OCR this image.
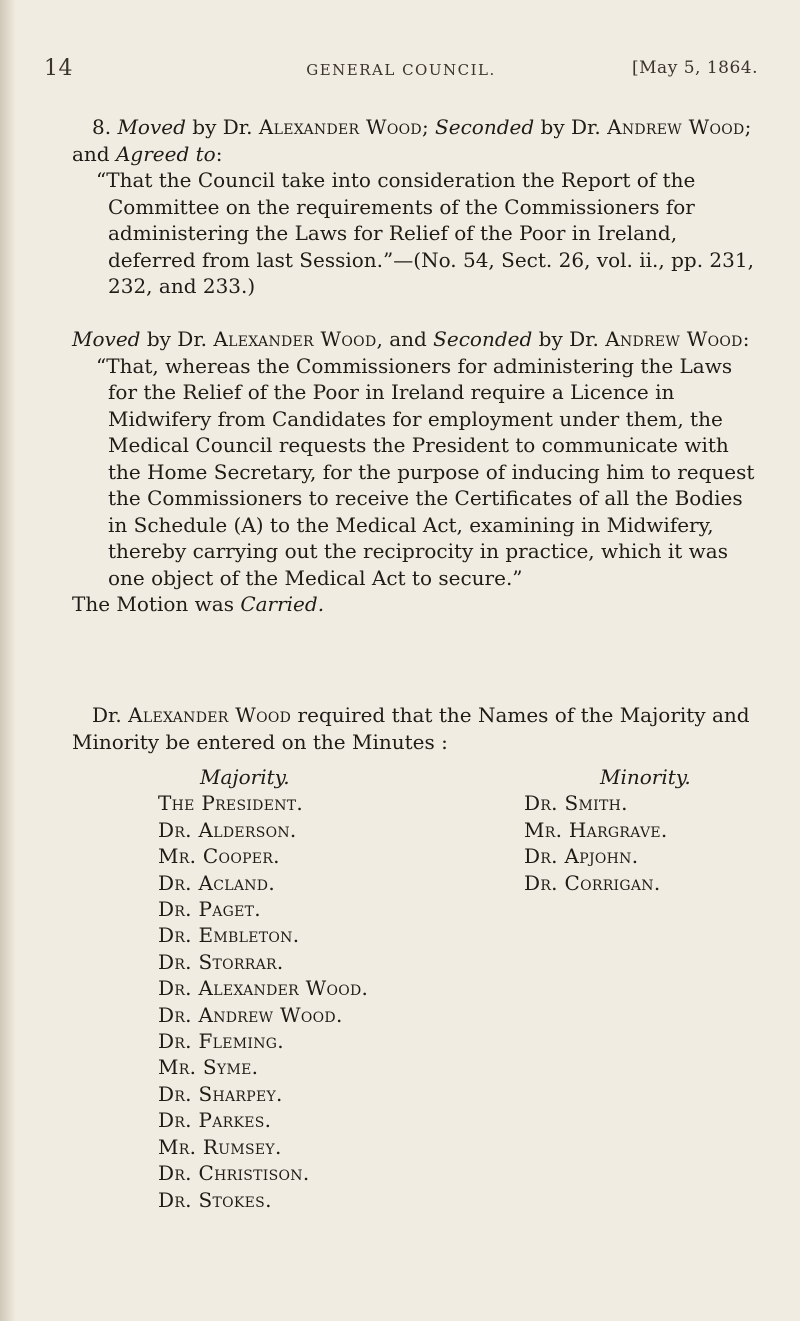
14	GENERAL COUNCIL.	[May 5, 1864.

8. Moved by Dr. Alexander Wood; Seconded by Dr. Andrew Wood; and Agreed to:

“That the Council take into consideration the Report of the Committee on the requirements of the Commissioners for administering the Laws for Relief of the Poor in Ireland, deferred from last Session.”—(No. 54, Sect. 26, vol. ii., pp. 231, 232, and 233.)

Moved by Dr. Alexander Wood, and Seconded by Dr. Andrew Wood:

“That, whereas the Commissioners for administering the Laws for the Relief of the Poor in Ireland require a Licence in Midwifery from Candidates for employment under them, the Medical Council requests the President to communicate with the Home Secretary, for the purpose of inducing him to request the Commissioners to receive the Certificates of all the Bodies in Schedule (A) to the Medical Act, examining in Midwifery, thereby carrying out the reciprocity in practice, which it was one object of the Medical Act to secure.”

The Motion was Carried.

Dr. Alexander Wood required that the Names of the Majority and Minority be entered on the Minutes :

Majority.
The President.
Dr. Alderson.
Mr. Cooper.
Dr. Acland.
Dr. Paget.
Dr. Embleton.
Dr. Storrar.
Dr. Alexander Wood.
Dr. Andrew Wood.
Dr. Fleming.
Mr. Syme.
Dr. Sharpey.
Dr. Parkes.
Mr. Rumsey.
Dr. Christison.
Dr. Stokes.
Minority.
Dr. Smith.
Mr. Hargrave.
Dr. Apjohn.
Dr. Corrigan.
